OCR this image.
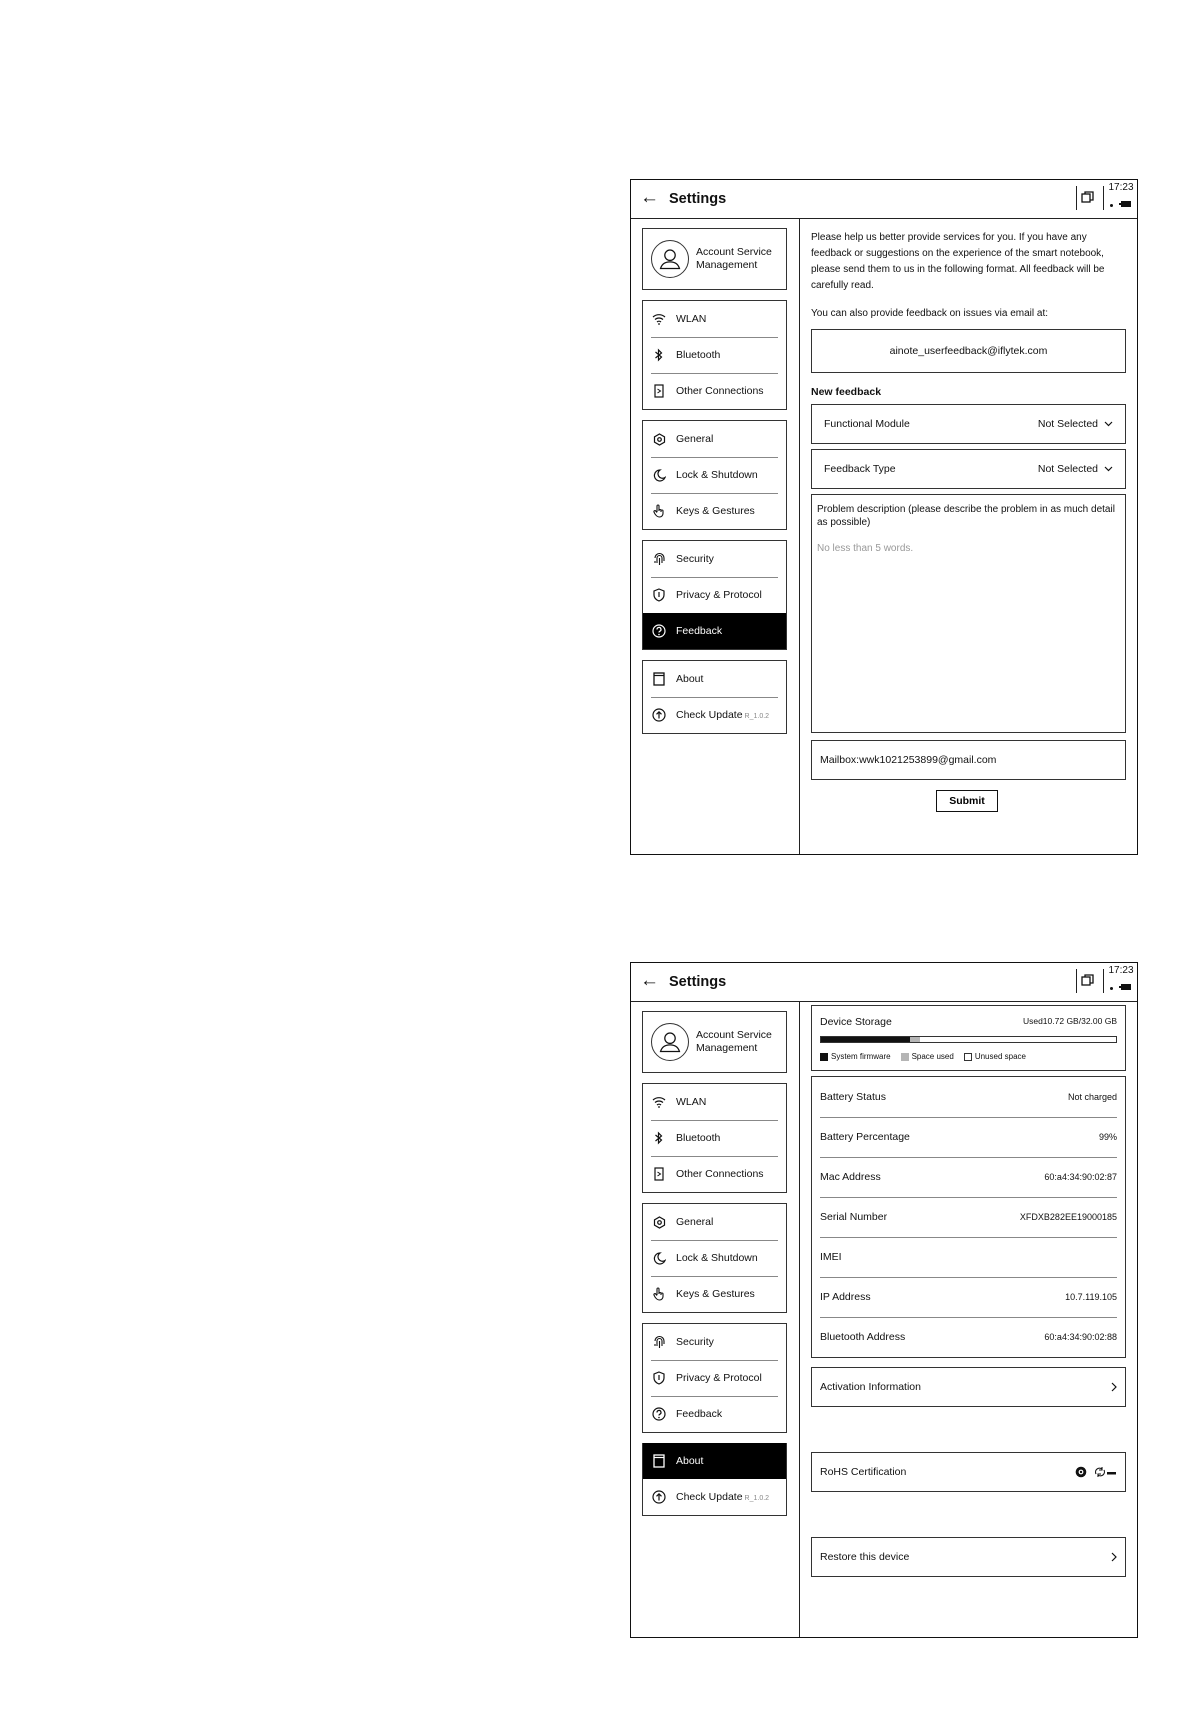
← Settings
17:23
Account Service
Management
WLAN
Bluetooth
Other Connections
General
Lock & Shutdown
Keys & Gestures
Security
Privacy & Protocol
Feedback
About
Check Update R_1.0.2
Please help us better provide services for you. If you have any feedback or suggestions on the experience of the smart notebook, please send them to us in the following format. All feedback will be carefully read.
You can also provide feedback on issues via email at:
ainote_userfeedback@iflytek.com
New feedback
Functional Module	Not Selected
Feedback Type	Not Selected
Problem description (please describe the problem in as much detail as possible)
No less than 5 words.
Mailbox:wwk1021253899@gmail.com
Submit
← Settings
17:23
Account Service
Management
WLAN
Bluetooth
Other Connections
General
Lock & Shutdown
Keys & Gestures
Security
Privacy & Protocol
Feedback
About
Check Update R_1.0.2
Device Storage	Used10.72 GB/32.00 GB
System firmware	Space used	Unused space
Battery Status	Not charged
Battery Percentage	99%
Mac Address	60:a4:34:90:02:87
Serial Number	XFDXB282EE19000185
IMEI
IP Address	10.7.119.105
Bluetooth Address	60:a4:34:90:02:88
Activation Information
RoHS Certification
Restore this device
